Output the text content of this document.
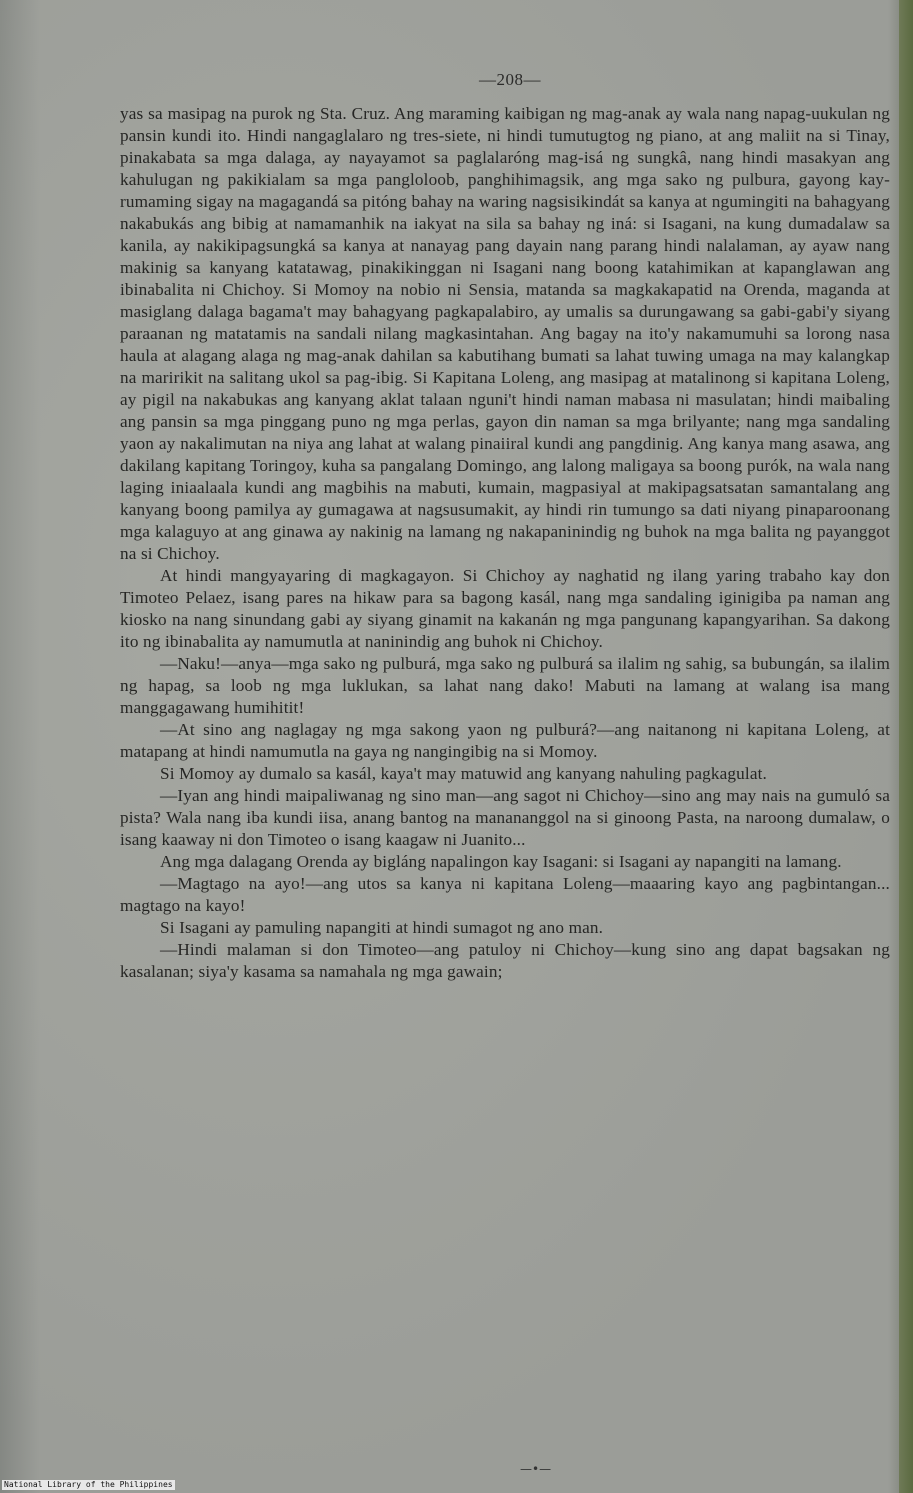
—208—

yas sa masipag na purok ng Sta. Cruz. Ang maraming kaibigan ng mag-anak ay wala nang napag-uukulan ng pansin kundi ito. Hindi nangaglalaro ng tres-siete, ni hindi tumutugtog ng piano, at ang maliit na si Tinay, pinakabata sa mga dalaga, ay nayayamot sa paglalaróng mag-isá ng sungkâ, nang hindi masakyan ang kahulugan ng pakikialam sa mga pangloloob, panghihimagsik, ang mga sako ng pulbura, gayong kay-rumaming sigay na magagandá sa pitóng bahay na waring nagsisikindát sa kanya at ngumingiti na bahagyang nakabukás ang bibig at namamanhik na iakyat na sila sa bahay ng iná: si Isagani, na kung dumadalaw sa kanila, ay nakikipagsungká sa kanya at nanayag pang dayain nang parang hindi nalalaman, ay ayaw nang makinig sa kanyang katatawag, pinakikinggan ni Isagani nang boong katahimikan at kapanglawan ang ibinabalita ni Chichoy. Si Momoy na nobio ni Sensia, matanda sa magkakapatid na Orenda, maganda at masiglang dalaga bagama't may bahagyang pagkapalabiro, ay umalis sa durungawang sa gabi-gabi'y siyang paraanan ng matatamis na sandali nilang magkasintahan. Ang bagay na ito'y nakamumuhi sa lorong nasa haula at alagang alaga ng mag-anak dahilan sa kabutihang bumati sa lahat tuwing umaga na may kalangkap na maririkit na salitang ukol sa pag-ibig. Si Kapitana Loleng, ang masipag at matalinong si kapitana Loleng, ay pigil na nakabukas ang kanyang aklat talaan nguni't hindi naman mabasa ni masulatan; hindi maibaling ang pansin sa mga pinggang puno ng mga perlas, gayon din naman sa mga brilyante; nang mga sandaling yaon ay nakalimutan na niya ang lahat at walang pinaiiral kundi ang pangdinig. Ang kanya mang asawa, ang dakilang kapitang Toringoy, kuha sa pangalang Domingo, ang lalong maligaya sa boong purók, na wala nang laging iniaalaala kundi ang magbihis na mabuti, kumain, magpasiyal at makipagsatsatan samantalang ang kanyang boong pamilya ay gumagawa at nagsusumakit, ay hindi rin tumungo sa dati niyang pinaparoonang mga kalaguyo at ang ginawa ay nakinig na lamang ng nakapaninindig ng buhok na mga balita ng payanggot na si Chichoy.

At hindi mangyayaring di magkagayon. Si Chichoy ay naghatid ng ilang yaring trabaho kay don Timoteo Pelaez, isang pares na hikaw para sa bagong kasál, nang mga sandaling iginigiba pa naman ang kiosko na nang sinundang gabi ay siyang ginamit na kakanán ng mga pangunang kapangyarihan. Sa dakong ito ng ibinabalita ay namumutla at naninindig ang buhok ni Chichoy.

—Naku!—anya—mga sako ng pulburá, mga sako ng pulburá sa ilalim ng sahig, sa bubungán, sa ilalim ng hapag, sa loob ng mga luklukan, sa lahat nang dako! Mabuti na lamang at walang isa mang manggagawang humihitit!

—At sino ang naglagay ng mga sakong yaon ng pulburá?—ang naitanong ni kapitana Loleng, at matapang at hindi namumutla na gaya ng nangingibig na si Momoy.

Si Momoy ay dumalo sa kasál, kaya't may matuwid ang kanyang nahuling pagkagulat.

—Iyan ang hindi maipaliwanag ng sino man—ang sagot ni Chichoy—sino ang may nais na gumuló sa pista? Wala nang iba kundi iisa, anang bantog na manananggol na si ginoong Pasta, na naroong dumalaw, o isang kaaway ni don Timoteo o isang kaagaw ni Juanito...

Ang mga dalagang Orenda ay bigláng napalingon kay Isagani: si Isagani ay napangiti na lamang.

—Magtago na ayo!—ang utos sa kanya ni kapitana Loleng—maaaring kayo ang pagbintangan... magtago na kayo!

Si Isagani ay pamuling napangiti at hindi sumagot ng ano man.

—Hindi malaman si don Timoteo—ang patuloy ni Chichoy—kung sino ang dapat bagsakan ng kasalanan; siya'y kasama sa namahala ng mga gawain;

—•—
National Library of the Philippines
